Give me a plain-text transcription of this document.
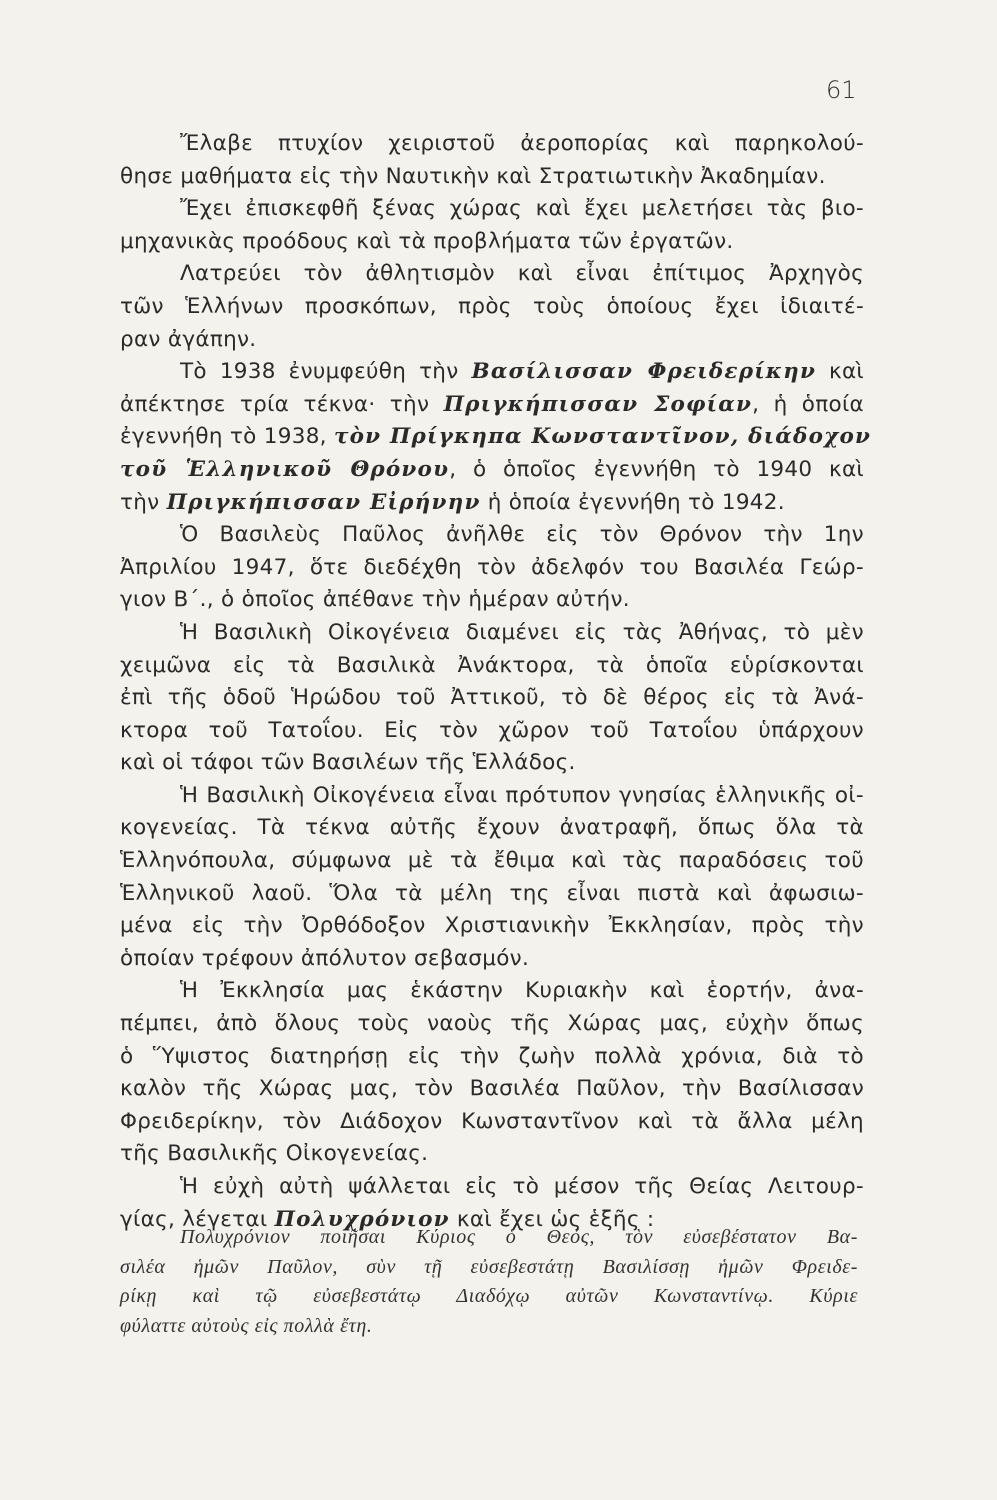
61
Ἔλαβε πτυχίον χειριστοῦ ἀεροπορίας καὶ παρηκολού-
θησε μαθήματα εἰς τὴν Ναυτικὴν καὶ Στρατιωτικὴν Ἀκαδημίαν.
Ἔχει ἐπισκεφθῆ ξένας χώρας καὶ ἔχει μελετήσει τὰς βιο-
μηχανικὰς προόδους καὶ τὰ προβλήματα τῶν ἐργατῶν.
Λατρεύει τὸν ἀθλητισμὸν καὶ εἶναι ἐπίτιμος Ἀρχηγὸς
τῶν Ἑλλήνων προσκόπων, πρὸς τοὺς ὁποίους ἔχει ἰδιαιτέ-
ραν ἀγάπην.
Τὸ 1938 ἐνυμφεύθη τὴν Βασίλισσαν Φρειδερίκην καὶ
ἀπέκτησε τρία τέκνα· τὴν Πριγκήπισσαν Σοφίαν, ἡ ὁποία
ἐγεννήθη τὸ 1938, τὸν Πρίγκηπα Κωνσταντῖνον, διάδοχον
τοῦ Ἑλληνικοῦ Θρόνου, ὁ ὁποῖος ἐγεννήθη τὸ 1940 καὶ
τὴν Πριγκήπισσαν Εἰρήνην ἡ ὁποία ἐγεννήθη τὸ 1942.
Ὁ Βασιλεὺς Παῦλος ἀνῆλθε εἰς τὸν Θρόνον τὴν 1ην
Ἀπριλίου 1947, ὅτε διεδέχθη τὸν ἀδελφόν του Βασιλέα Γεώρ-
γιον Β΄., ὁ ὁποῖος ἀπέθανε τὴν ἡμέραν αὐτήν.
Ἡ Βασιλικὴ Οἰκογένεια διαμένει εἰς τὰς Ἀθήνας, τὸ μὲν
χειμῶνα εἰς τὰ Βασιλικὰ Ἀνάκτορα, τὰ ὁποῖα εὑρίσκονται
ἐπὶ τῆς ὁδοῦ Ἡρώδου τοῦ Ἀττικοῦ, τὸ δὲ θέρος εἰς τὰ Ἀνά-
κτορα τοῦ Τατοΐου. Εἰς τὸν χῶρον τοῦ Τατοΐου ὑπάρχουν
καὶ οἱ τάφοι τῶν Βασιλέων τῆς Ἑλλάδος.
Ἡ Βασιλικὴ Οἰκογένεια εἶναι πρότυπον γνησίας ἑλληνικῆς οἰ-
κογενείας. Τὰ τέκνα αὐτῆς ἔχουν ἀνατραφῆ, ὅπως ὅλα τὰ
Ἑλληνόπουλα, σύμφωνα μὲ τὰ ἔθιμα καὶ τὰς παραδόσεις τοῦ
Ἑλληνικοῦ λαοῦ. Ὅλα τὰ μέλη της εἶναι πιστὰ καὶ ἀφωσιω-
μένα εἰς τὴν Ὀρθόδοξον Χριστιανικὴν Ἐκκλησίαν, πρὸς τὴν
ὁποίαν τρέφουν ἀπόλυτον σεβασμόν.
Ἡ Ἐκκλησία μας ἑκάστην Κυριακὴν καὶ ἑορτήν, ἀνα-
πέμπει, ἀπὸ ὅλους τοὺς ναοὺς τῆς Χώρας μας, εὐχὴν ὅπως
ὁ Ὕψιστος διατηρήσῃ εἰς τὴν ζωὴν πολλὰ χρόνια, διὰ τὸ
καλὸν τῆς Χώρας μας, τὸν Βασιλέα Παῦλον, τὴν Βασίλισσαν
Φρειδερίκην, τὸν Διάδοχον Κωνσταντῖνον καὶ τὰ ἄλλα μέλη
τῆς Βασιλικῆς Οἰκογενείας.
Ἡ εὐχὴ αὐτὴ ψάλλεται εἰς τὸ μέσον τῆς Θείας Λειτουρ-
γίας, λέγεται Πολυχρόνιον καὶ ἔχει ὡς ἑξῆς :
Πολυχρόνιον ποιῆσαι Κύριος ὁ Θεός, τὸν εὐσεβέστατον Βα-
σιλέα ἡμῶν Παῦλον, σὺν τῇ εὐσεβεστάτῃ Βασιλίσσῃ ἡμῶν Φρειδε-
ρίκῃ καὶ τῷ εὐσεβεστάτῳ Διαδόχῳ αὐτῶν Κωνσταντίνῳ. Κύριε
φύλαττε αὐτοὺς εἰς πολλὰ ἔτη.
